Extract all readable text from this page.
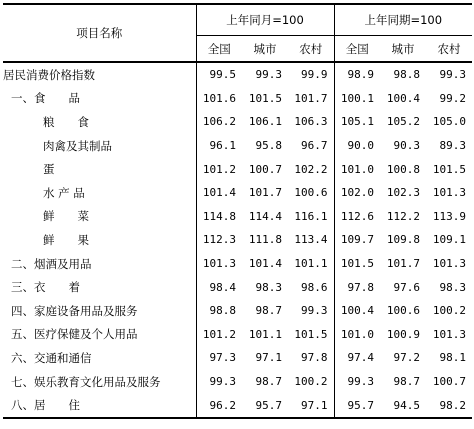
项目名称	上年同月=100			上年同期=100		
	全国	城市	农村	全国	城市	农村
居民消费价格指数	99.5	99.3	99.9	98.9	98.8	99.3
一、食　　品	101.6	101.5	101.7	100.1	100.4	99.2
粮　　食	106.2	106.1	106.3	105.1	105.2	105.0
肉禽及其制品	96.1	95.8	96.7	90.0	90.3	89.3
蛋	101.2	100.7	102.2	101.0	100.8	101.5
水 产 品	101.4	101.7	100.6	102.0	102.3	101.3
鲜　　菜	114.8	114.4	116.1	112.6	112.2	113.9
鲜　　果	112.3	111.8	113.4	109.7	109.8	109.1
二、烟酒及用品	101.3	101.4	101.1	101.5	101.7	101.3
三、衣　　着	98.4	98.3	98.6	97.8	97.6	98.3
四、家庭设备用品及服务	98.8	98.7	99.3	100.4	100.6	100.2
五、医疗保健及个人用品	101.2	101.1	101.5	101.0	100.9	101.3
六、交通和通信	97.3	97.1	97.8	97.4	97.2	98.1
七、娱乐教育文化用品及服务	99.3	98.7	100.2	99.3	98.7	100.7
八、居　　住	96.2	95.7	97.1	95.7	94.5	98.2
